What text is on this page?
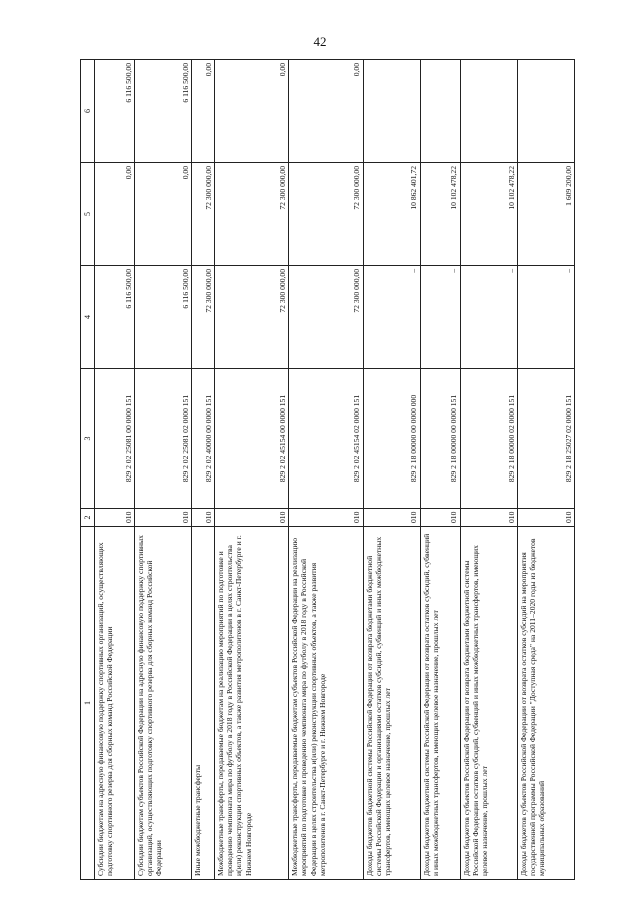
42
1	2	3	4	5	6
Субсидии бюджетам на адресную финансовую поддержку спортивных организаций, осуществляющих подготовку спортивного резерва для сборных команд Российской Федерации	010	829 2 02 25081 00 0000 151	6 116 500,00	0,00	6 116 500,00
Субсидии бюджетам субъектов Российской Федерации на адресную финансовую поддержку спортивных организаций, осуществляющих подготовку спортивного резерва для сборных команд Российской Федерации	010	829 2 02 25081 02 0000 151	6 116 500,00	0,00	6 116 500,00
Иные межбюджетные трансферты	010	829 2 02 40000 00 0000 151	72 300 000,00	72 300 000,00	0,00
Межбюджетные трансферты, передаваемые бюджетам на реализацию мероприятий по подготовке и проведению чемпионата мира по футболу в 2018 году в Российской Федерации в целях строительства и(или) реконструкции спортивных объектов, а также развития метрополитенов в г. Санкт-Петербурге и г. Нижнем Новгороде	010	829 2 02 45154 00 0000 151	72 300 000,00	72 300 000,00	0,00
Межбюджетные трансферты, передаваемые бюджетам субъектов Российской Федерации на реализацию мероприятий по подготовке и проведению чемпионата мира по футболу в 2018 году в Российской Федерации в целях строительства и(или) реконструкции спортивных объектов, а также развития метрополитенов в г. Санкт-Петербурге и г. Нижнем Новгороде	010	829 2 02 45154 02 0000 151	72 300 000,00	72 300 000,00	0,00
Доходы бюджетов бюджетной системы Российской Федерации от возврата бюджетами бюджетной системы Российской Федерации и организациями остатков субсидий, субвенций и иных межбюджетных трансфертов, имеющих целевое назначение, прошлых лет	010	829 2 18 00000 00 0000 000	–	10 862 401,72	
Доходы бюджетов бюджетной системы Российской Федерации от возврата остатков субсидий, субвенций и иных межбюджетных трансфертов, имеющих целевое назначение, прошлых лет	010	829 2 18 00000 00 0000 151	–	10 102 478,22	
Доходы бюджетов субъектов Российской Федерации от возврата бюджетами бюджетной системы Российской Федерации остатков субсидий, субвенций и иных межбюджетных трансфертов, имеющих целевое назначение, прошлых лет	010	829 2 18 00000 02 0000 151	–	10 102 478,22	
Доходы бюджетов субъектов Российской Федерации от возврата остатков субсидий на мероприятия государственной программы Российской Федерации "Доступная среда" на 2011–2020 годы из бюджетов муниципальных образований	010	829 2 18 25027 02 0000 151	–	1 609 200,00	
